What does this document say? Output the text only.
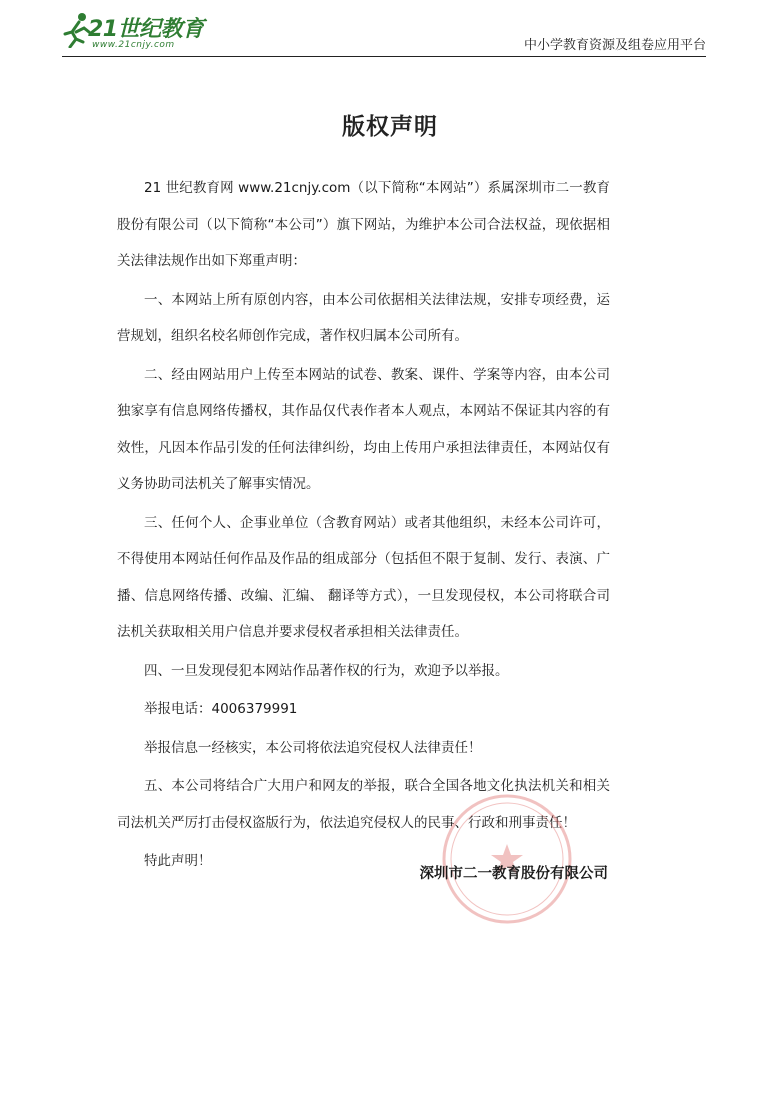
21世纪教育
www.21cnjy.com	中小学教育资源及组卷应用平台
版权声明

21 世纪教育网 www.21cnjy.com（以下简称“本网站”）系属深圳市二一教育股份有限公司（以下简称“本公司”）旗下网站，为维护本公司合法权益，现依据相关法律法规作出如下郑重声明：

一、本网站上所有原创内容，由本公司依据相关法律法规，安排专项经费，运营规划，组织名校名师创作完成，著作权归属本公司所有。

二、经由网站用户上传至本网站的试卷、教案、课件、学案等内容，由本公司独家享有信息网络传播权，其作品仅代表作者本人观点，本网站不保证其内容的有效性，凡因本作品引发的任何法律纠纷，均由上传用户承担法律责任，本网站仅有义务协助司法机关了解事实情况。

三、任何个人、企事业单位（含教育网站）或者其他组织，未经本公司许可，不得使用本网站任何作品及作品的组成部分（包括但不限于复制、发行、表演、广播、信息网络传播、改编、汇编、 翻译等方式），一旦发现侵权，本公司将联合司法机关获取相关用户信息并要求侵权者承担相关法律责任。

四、一旦发现侵犯本网站作品著作权的行为，欢迎予以举报。

举报电话：4006379991

举报信息一经核实，本公司将依法追究侵权人法律责任！

五、本公司将结合广大用户和网友的举报，联合全国各地文化执法机关和相关司法机关严厉打击侵权盗版行为，依法追究侵权人的民事、行政和刑事责任！

特此声明！

深圳市二一教育股份有限公司
